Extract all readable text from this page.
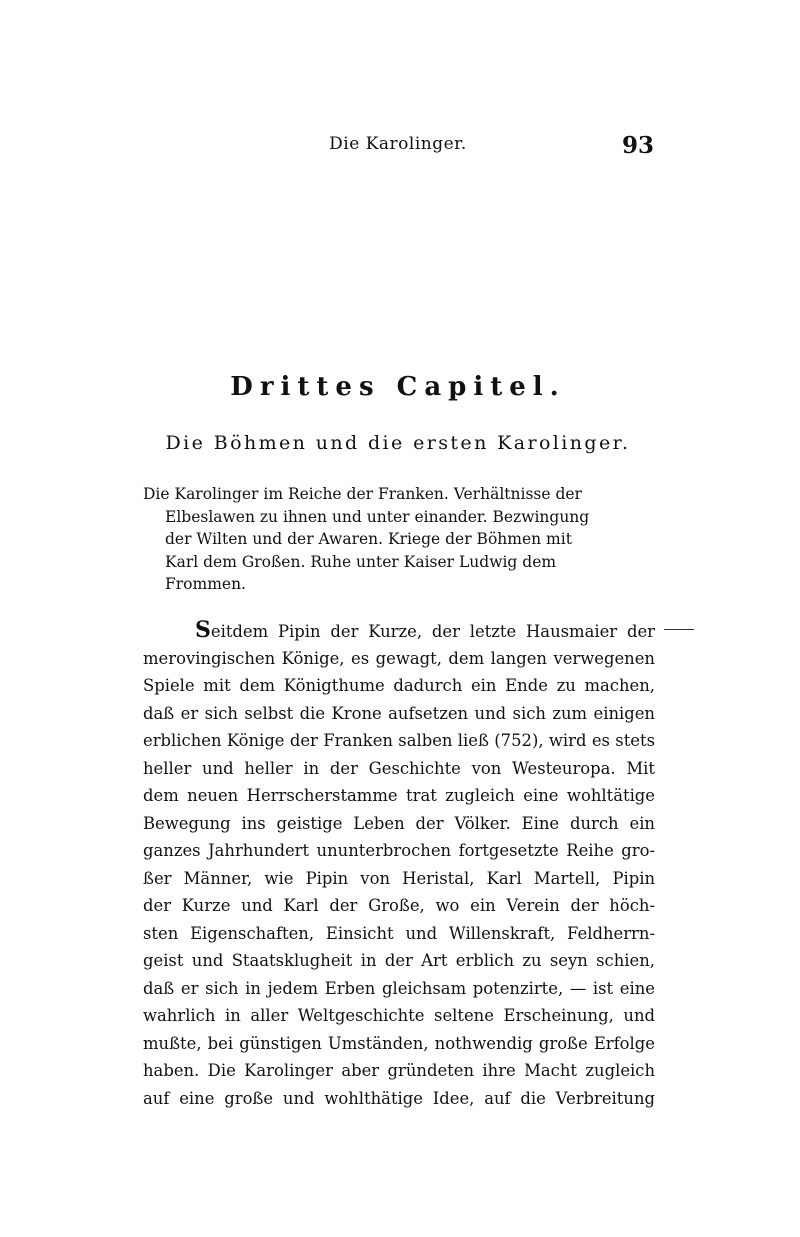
Die Karolinger.	93
Drittes Capitel.
Die Böhmen und die ersten Karolinger.
Die Karolinger im Reiche der Franken. Verhältnisse der
Elbeslawen zu ihnen und unter einander. Bezwingung
der Wilten und der Awaren. Kriege der Böhmen mit
Karl dem Großen. Ruhe unter Kaiser Ludwig dem
Frommen.
Seitdem Pipin der Kurze, der letzte Hausmaier der
merovingischen Könige, es gewagt, dem langen verwegenen
Spiele mit dem Königthume dadurch ein Ende zu machen,
daß er sich selbst die Krone aufsetzen und sich zum einigen
erblichen Könige der Franken salben ließ (752), wird es stets
heller und heller in der Geschichte von Westeuropa. Mit
dem neuen Herrscherstamme trat zugleich eine wohltätige
Bewegung ins geistige Leben der Völker. Eine durch ein
ganzes Jahrhundert ununterbrochen fortgesetzte Reihe gro-
ßer Männer, wie Pipin von Heristal, Karl Martell, Pipin
der Kurze und Karl der Große, wo ein Verein der höch-
sten Eigenschaften, Einsicht und Willenskraft, Feldherrn-
geist und Staatsklugheit in der Art erblich zu seyn schien,
daß er sich in jedem Erben gleichsam potenzirte, — ist eine
wahrlich in aller Weltgeschichte seltene Erscheinung, und
mußte, bei günstigen Umständen, nothwendig große Erfolge
haben. Die Karolinger aber gründeten ihre Macht zugleich
auf eine große und wohlthätige Idee, auf die Verbreitung
